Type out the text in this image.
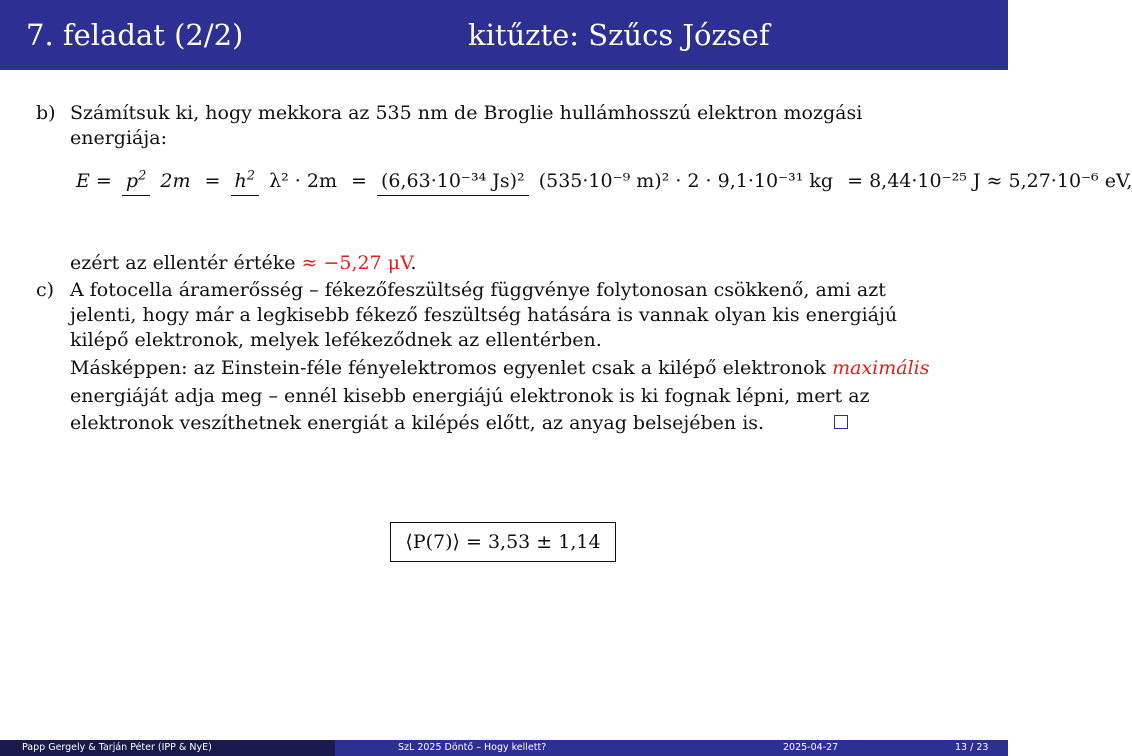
7. feladat (2/2)	kitűzte: Szűcs József
b) Számítsuk ki, hogy mekkora az 535 nm de Broglie hullámhosszú elektron mozgási
energiája:
$E = p^2$ $2m = h^2$ λ² · 2m = (6,63·10⁻³⁴ Js)² (535·10⁻⁹ m)² · 2 · 9,1·10⁻³¹ kg = 8,44·10⁻²⁵ J ≈ 5,27·10⁻⁶ eV,
ezért az ellentér értéke ≈ −5,27 μV.
c) A fotocella áramerősség – fékezőfeszültség függvénye folytonosan csökkenő, ami azt
jelenti, hogy már a legkisebb fékező feszültség hatására is vannak olyan kis energiájú
kilépő elektronok, melyek lefékeződnek az ellentérben.
Másképpen: az Einstein-féle fényelektromos egyenlet csak a kilépő elektronok maximális
energiáját adja meg – ennél kisebb energiájú elektronok is ki fognak lépni, mert az
elektronok veszíthetnek energiát a kilépés előtt, az anyag belsejében is.
⟨P(7)⟩ = 3,53 ± 1,14
Papp Gergely & Tarján Péter (IPP & NyE)	SzL 2025 Döntő – Hogy kellett?	2025-04-27	13 / 23
